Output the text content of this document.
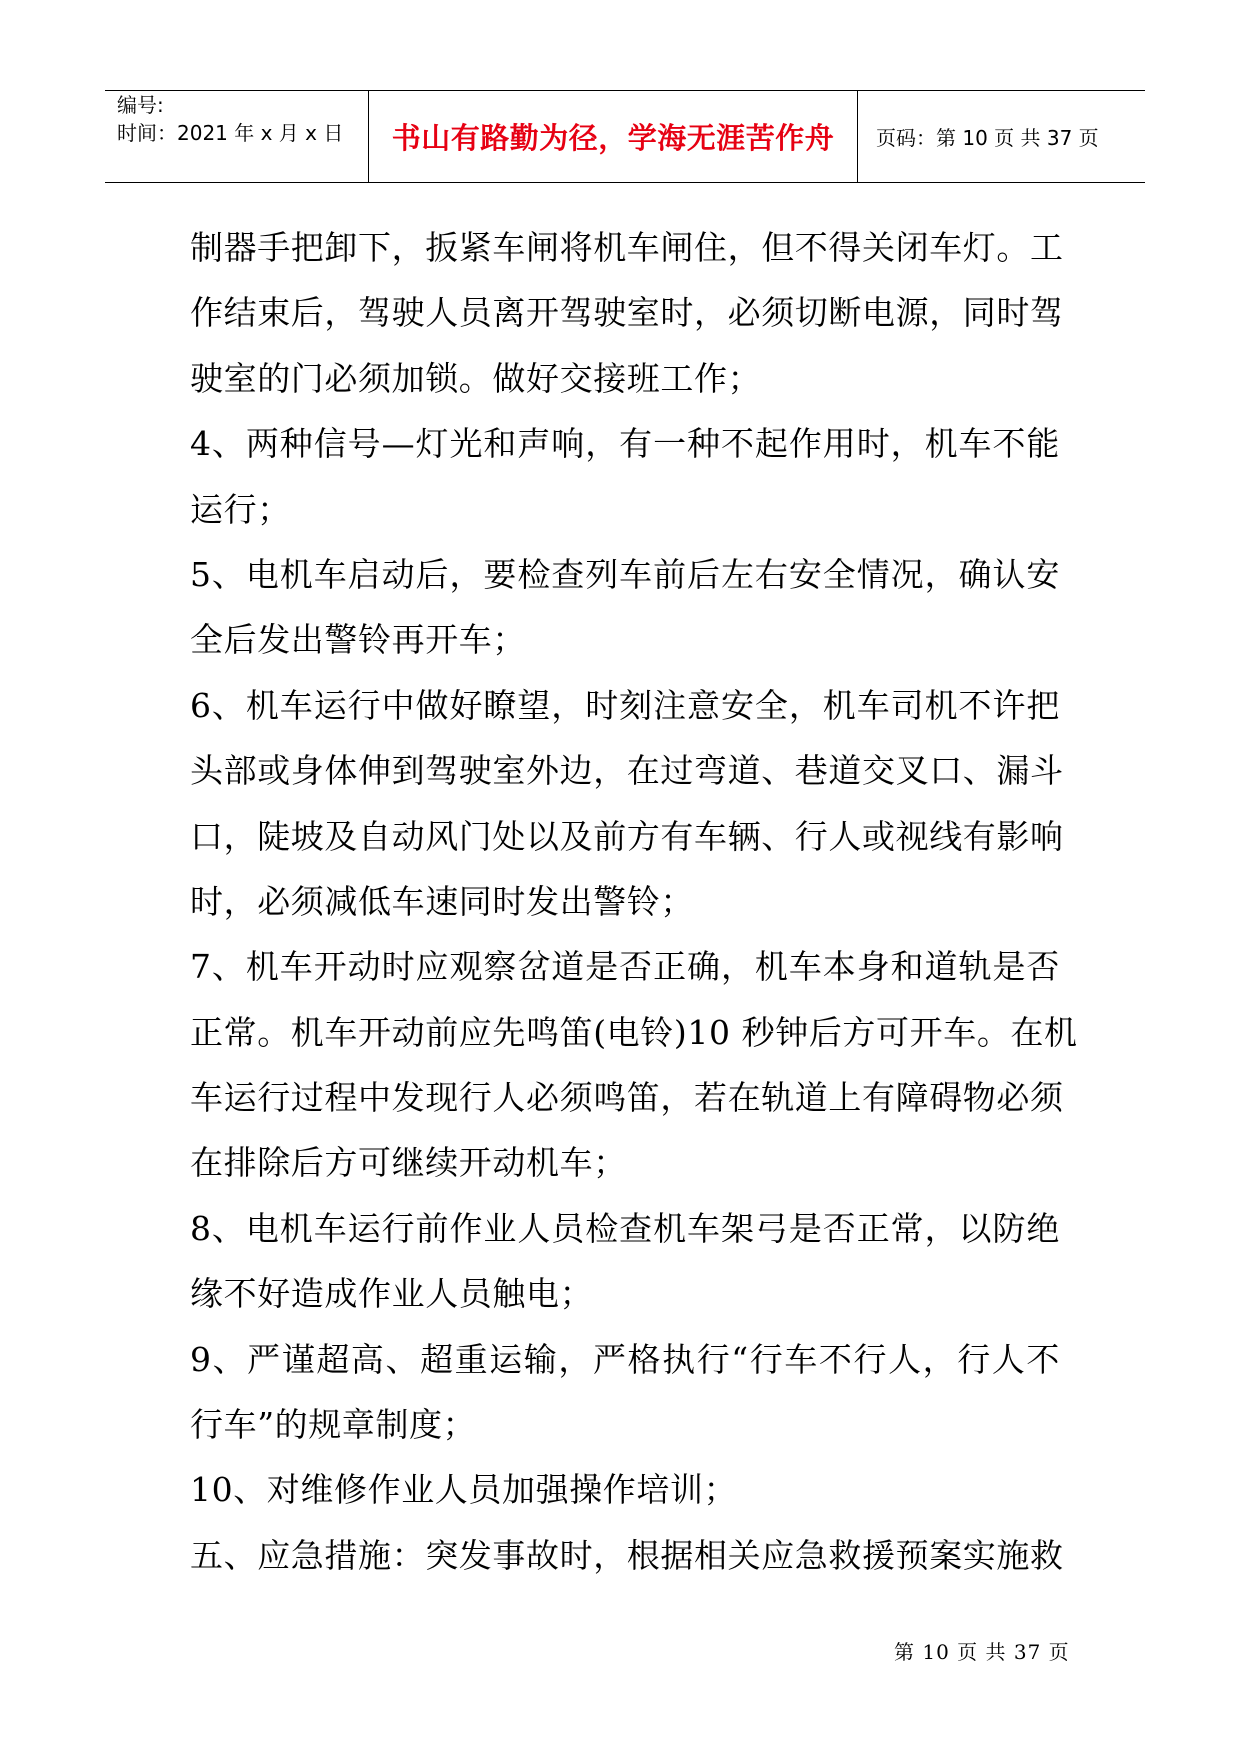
编号:
时间：2021 年 x 月 x 日 书山有路勤为径，学海无涯苦作舟 页码：第 10 页 共 37 页
制器手把卸下，扳紧车闸将机车闸住，但不得关闭车灯。工
作结束后，驾驶人员离开驾驶室时，必须切断电源，同时驾
驶室的门必须加锁。做好交接班工作；
4、两种信号—灯光和声响，有一种不起作用时，机车不能
运行；
5、电机车启动后，要检查列车前后左右安全情况，确认安
全后发出警铃再开车；
6、机车运行中做好瞭望，时刻注意安全，机车司机不许把
头部或身体伸到驾驶室外边，在过弯道、巷道交叉口、漏斗
口，陡坡及自动风门处以及前方有车辆、行人或视线有影响
时，必须减低车速同时发出警铃；
7、机车开动时应观察岔道是否正确，机车本身和道轨是否
正常。机车开动前应先鸣笛(电铃)10 秒钟后方可开车。在机
车运行过程中发现行人必须鸣笛，若在轨道上有障碍物必须
在排除后方可继续开动机车；
8、电机车运行前作业人员检查机车架弓是否正常，以防绝
缘不好造成作业人员触电；
9、严谨超高、超重运输，严格执行“行车不行人，行人不
行车”的规章制度；
10、对维修作业人员加强操作培训；
五、应急措施：突发事故时，根据相关应急救援预案实施救
第 10 页 共 37 页
